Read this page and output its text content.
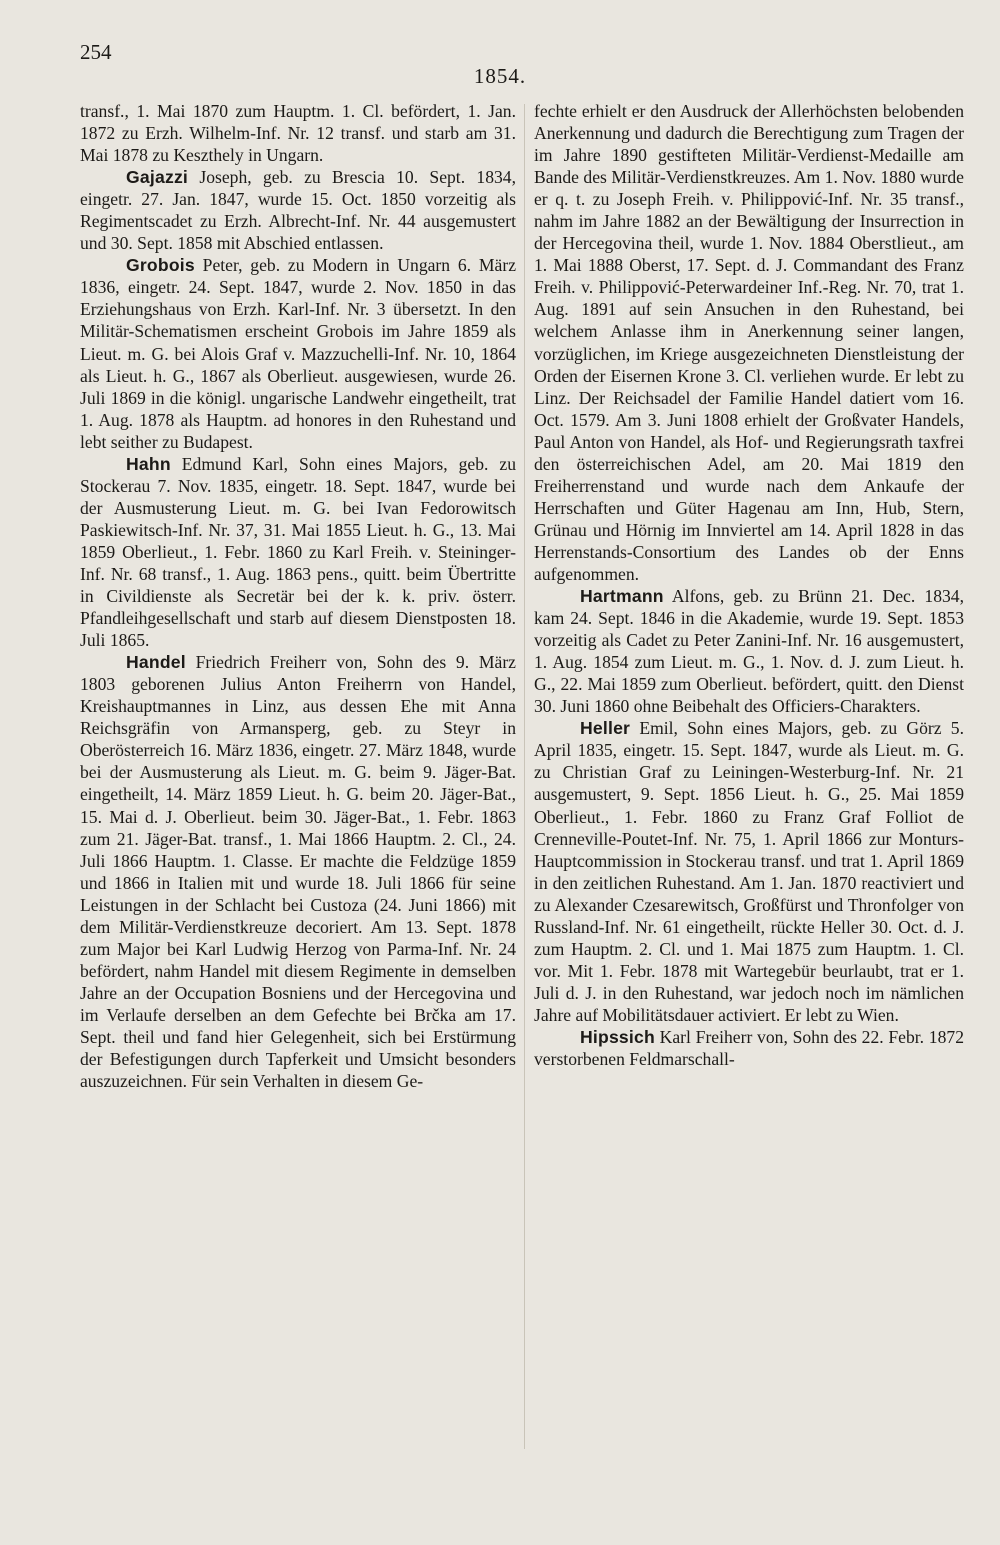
254
1854.

transf., 1. Mai 1870 zum Hauptm. 1. Cl. befördert, 1. Jan. 1872 zu Erzh. Wilhelm-Inf. Nr. 12 transf. und starb am 31. Mai 1878 zu Keszthely in Ungarn.

Gajazzi Joseph, geb. zu Brescia 10. Sept. 1834, eingetr. 27. Jan. 1847, wurde 15. Oct. 1850 vorzeitig als Regimentscadet zu Erzh. Albrecht-Inf. Nr. 44 ausgemustert und 30. Sept. 1858 mit Abschied entlassen.

Grobois Peter, geb. zu Modern in Ungarn 6. März 1836, eingetr. 24. Sept. 1847, wurde 2. Nov. 1850 in das Erziehungshaus von Erzh. Karl-Inf. Nr. 3 übersetzt. In den Militär-Schematismen erscheint Grobois im Jahre 1859 als Lieut. m. G. bei Alois Graf v. Mazzuchelli-Inf. Nr. 10, 1864 als Lieut. h. G., 1867 als Oberlieut. ausgewiesen, wurde 26. Juli 1869 in die königl. ungarische Landwehr eingetheilt, trat 1. Aug. 1878 als Hauptm. ad honores in den Ruhestand und lebt seither zu Budapest.

Hahn Edmund Karl, Sohn eines Majors, geb. zu Stockerau 7. Nov. 1835, eingetr. 18. Sept. 1847, wurde bei der Ausmusterung Lieut. m. G. bei Ivan Fedorowitsch Paskiewitsch-Inf. Nr. 37, 31. Mai 1855 Lieut. h. G., 13. Mai 1859 Oberlieut., 1. Febr. 1860 zu Karl Freih. v. Steininger-Inf. Nr. 68 transf., 1. Aug. 1863 pens., quitt. beim Übertritte in Civildienste als Secretär bei der k. k. priv. österr. Pfandleihgesellschaft und starb auf diesem Dienstposten 18. Juli 1865.

Handel Friedrich Freiherr von, Sohn des 9. März 1803 geborenen Julius Anton Freiherrn von Handel, Kreishauptmannes in Linz, aus dessen Ehe mit Anna Reichsgräfin von Armansperg, geb. zu Steyr in Oberösterreich 16. März 1836, eingetr. 27. März 1848, wurde bei der Ausmusterung als Lieut. m. G. beim 9. Jäger-Bat. eingetheilt, 14. März 1859 Lieut. h. G. beim 20. Jäger-Bat., 15. Mai d. J. Oberlieut. beim 30. Jäger-Bat., 1. Febr. 1863 zum 21. Jäger-Bat. transf., 1. Mai 1866 Hauptm. 2. Cl., 24. Juli 1866 Hauptm. 1. Classe. Er machte die Feldzüge 1859 und 1866 in Italien mit und wurde 18. Juli 1866 für seine Leistungen in der Schlacht bei Custoza (24. Juni 1866) mit dem Militär-Verdienstkreuze decoriert. Am 13. Sept. 1878 zum Major bei Karl Ludwig Herzog von Parma-Inf. Nr. 24 befördert, nahm Handel mit diesem Regimente in demselben Jahre an der Occupation Bosniens und der Hercegovina und im Verlaufe derselben an dem Gefechte bei Brčka am 17. Sept. theil und fand hier Gelegenheit, sich bei Erstürmung der Befestigungen durch Tapferkeit und Umsicht besonders auszuzeichnen. Für sein Verhalten in diesem Ge-

fechte erhielt er den Ausdruck der Allerhöchsten belobenden Anerkennung und dadurch die Berechtigung zum Tragen der im Jahre 1890 gestifteten Militär-Verdienst-Medaille am Bande des Militär-Verdienstkreuzes. Am 1. Nov. 1880 wurde er q. t. zu Joseph Freih. v. Philippović-Inf. Nr. 35 transf., nahm im Jahre 1882 an der Bewältigung der Insurrection in der Hercegovina theil, wurde 1. Nov. 1884 Oberstlieut., am 1. Mai 1888 Oberst, 17. Sept. d. J. Commandant des Franz Freih. v. Philippović-Peterwardeiner Inf.-Reg. Nr. 70, trat 1. Aug. 1891 auf sein Ansuchen in den Ruhestand, bei welchem Anlasse ihm in Anerkennung seiner langen, vorzüglichen, im Kriege ausgezeichneten Dienstleistung der Orden der Eisernen Krone 3. Cl. verliehen wurde. Er lebt zu Linz. Der Reichsadel der Familie Handel datiert vom 16. Oct. 1579. Am 3. Juni 1808 erhielt der Großvater Handels, Paul Anton von Handel, als Hof- und Regierungsrath taxfrei den österreichischen Adel, am 20. Mai 1819 den Freiherrenstand und wurde nach dem Ankaufe der Herrschaften und Güter Hagenau am Inn, Hub, Stern, Grünau und Hörnig im Innviertel am 14. April 1828 in das Herrenstands-Consortium des Landes ob der Enns aufgenommen.

Hartmann Alfons, geb. zu Brünn 21. Dec. 1834, kam 24. Sept. 1846 in die Akademie, wurde 19. Sept. 1853 vorzeitig als Cadet zu Peter Zanini-Inf. Nr. 16 ausgemustert, 1. Aug. 1854 zum Lieut. m. G., 1. Nov. d. J. zum Lieut. h. G., 22. Mai 1859 zum Oberlieut. befördert, quitt. den Dienst 30. Juni 1860 ohne Beibehalt des Officiers-Charakters.

Heller Emil, Sohn eines Majors, geb. zu Görz 5. April 1835, eingetr. 15. Sept. 1847, wurde als Lieut. m. G. zu Christian Graf zu Leiningen-Westerburg-Inf. Nr. 21 ausgemustert, 9. Sept. 1856 Lieut. h. G., 25. Mai 1859 Oberlieut., 1. Febr. 1860 zu Franz Graf Folliot de Crenneville-Poutet-Inf. Nr. 75, 1. April 1866 zur Monturs-Hauptcommission in Stockerau transf. und trat 1. April 1869 in den zeitlichen Ruhestand. Am 1. Jan. 1870 reactiviert und zu Alexander Czesarewitsch, Großfürst und Thronfolger von Russland-Inf. Nr. 61 eingetheilt, rückte Heller 30. Oct. d. J. zum Hauptm. 2. Cl. und 1. Mai 1875 zum Hauptm. 1. Cl. vor. Mit 1. Febr. 1878 mit Wartegebür beurlaubt, trat er 1. Juli d. J. in den Ruhestand, war jedoch noch im nämlichen Jahre auf Mobilitätsdauer activiert. Er lebt zu Wien.

Hipssich Karl Freiherr von, Sohn des 22. Febr. 1872 verstorbenen Feldmarschall-
